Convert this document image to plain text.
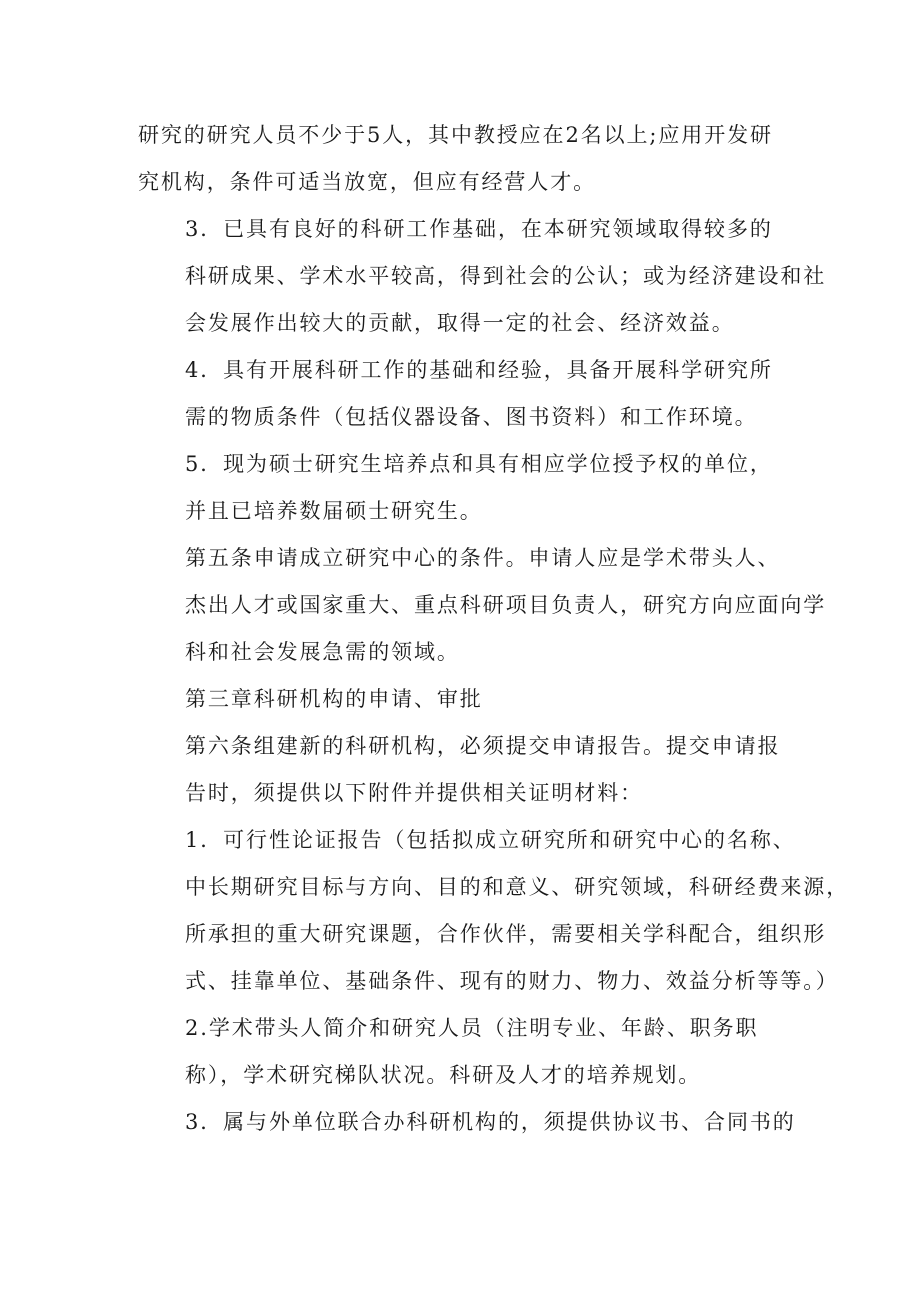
研究的研究人员不少于5人，其中教授应在2名以上;应用开发研
究机构，条件可适当放宽，但应有经营人才。

3．已具有良好的科研工作基础，在本研究领域取得较多的
科研成果、学术水平较高，得到社会的公认；或为经济建设和社
会发展作出较大的贡献，取得一定的社会、经济效益。

4．具有开展科研工作的基础和经验，具备开展科学研究所
需的物质条件（包括仪器设备、图书资料）和工作环境。

5．现为硕士研究生培养点和具有相应学位授予权的单位，
并且已培养数届硕士研究生。

第五条申请成立研究中心的条件。申请人应是学术带头人、
杰出人才或国家重大、重点科研项目负责人，研究方向应面向学
科和社会发展急需的领域。

第三章科研机构的申请、审批

第六条组建新的科研机构，必须提交申请报告。提交申请报
告时，须提供以下附件并提供相关证明材料：

1．可行性论证报告（包括拟成立研究所和研究中心的名称、
中长期研究目标与方向、目的和意义、研究领域，科研经费来源，
所承担的重大研究课题，合作伙伴，需要相关学科配合，组织形
式、挂靠单位、基础条件、现有的财力、物力、效益分析等等。）

2.学术带头人简介和研究人员（注明专业、年龄、职务职
称），学术研究梯队状况。科研及人才的培养规划。

3．属与外单位联合办科研机构的，须提供协议书、合同书的
